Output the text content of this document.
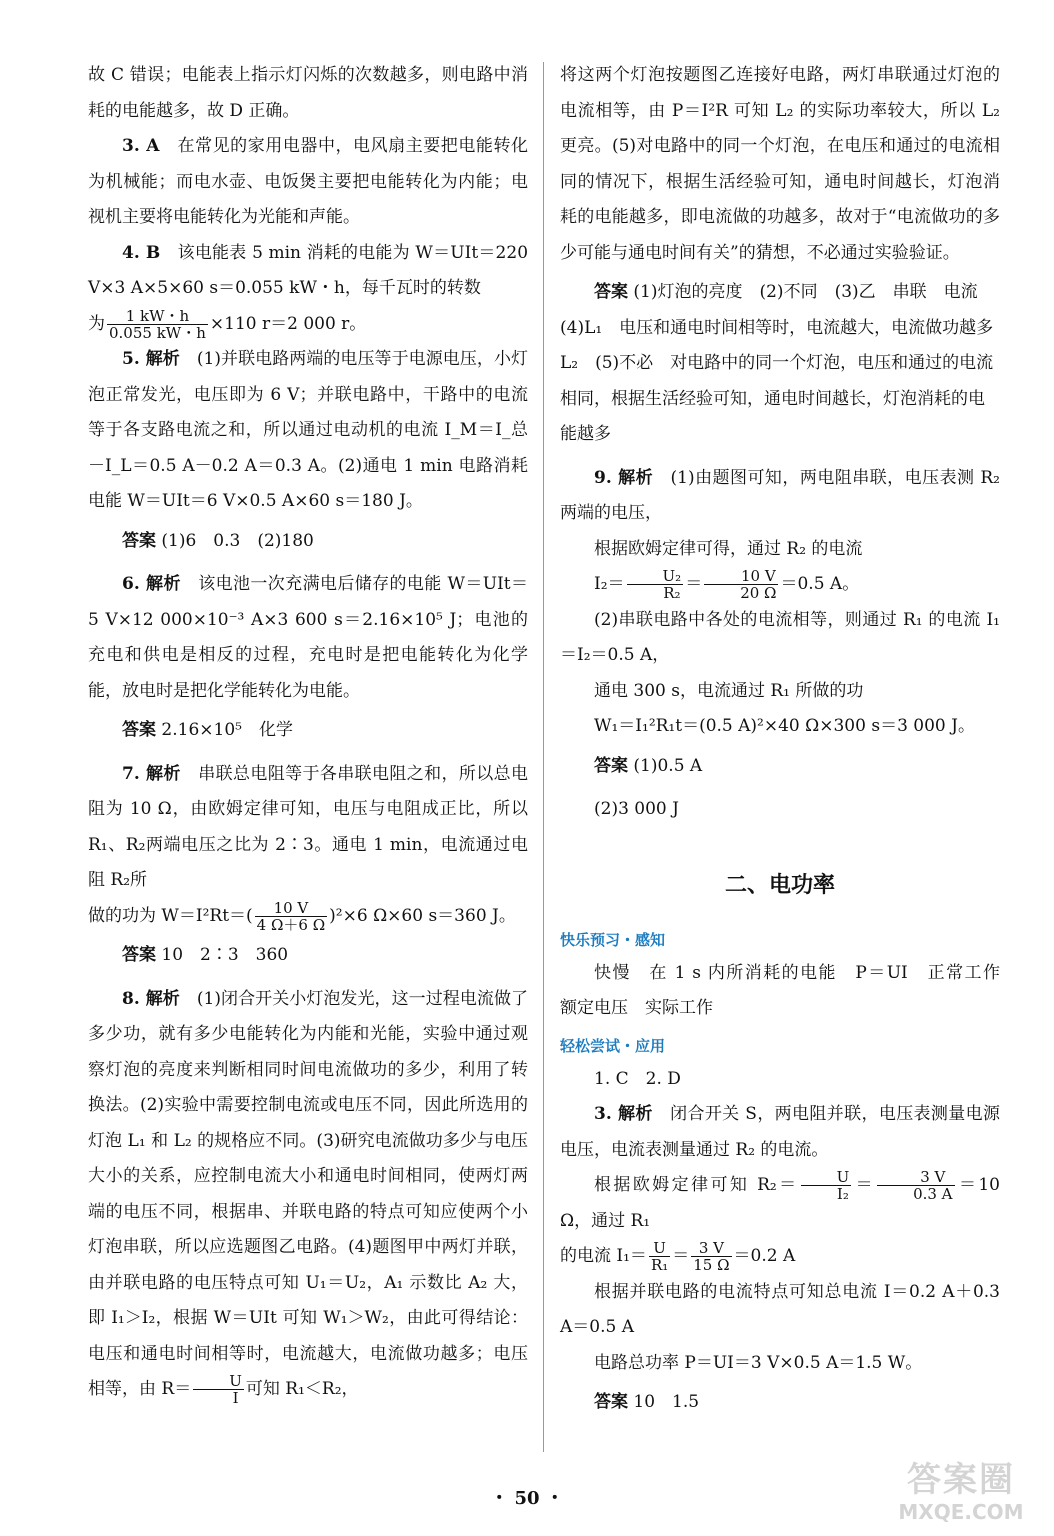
故 C 错误；电能表上指示灯闪烁的次数越多，则电路中消耗的电能越多，故 D 正确。

3. A　 在常见的家用电器中，电风扇主要把电能转化为机械能；而电水壶、电饭煲主要把电能转化为内能；电视机主要将电能转化为光能和声能。

4. B　 该电能表 5 min 消耗的电能为 W＝UIt＝220 V×3 A×5×60 s＝0.055 kW・h，每千瓦时的转数

为 $\frac{1 kW・h}{0.055 kW・h} \times 110$ r＝2 000 r。

5. 解析　 (1)并联电路两端的电压等于电源电压，小灯泡正常发光，电压即为 6 V；并联电路中，干路中的电流等于各支路电流之和，所以通过电动机的电流 I_M＝I_总－I_L＝0.5 A－0.2 A＝0.3 A。(2)通电 1 min 电路消耗电能 W＝UIt＝6 V×0.5 A×60 s＝180 J。

答案 (1)6　0.3　(2)180

6. 解析　 该电池一次充满电后储存的电能 W＝UIt＝5 V×12 000×10⁻³ A×3 600 s＝2.16×10⁵ J；电池的充电和供电是相反的过程，充电时是把电能转化为化学能，放电时是把化学能转化为电能。

答案 2.16×10⁵　化学

7. 解析　 串联总电阻等于各串联电阻之和，所以总电阻为 10 Ω，由欧姆定律可知，电压与电阻成正比，所以 R₁、R₂两端电压之比为 2∶3。通电 1 min，电流通过电阻 R₂所

做的功为 $W=I^2Rt=( \frac{10 V}{4 \Omega+6 \Omega} )^2\times 6$ Ω×60 s＝360 J。

答案 10　2∶3　360

8. 解析　 (1)闭合开关小灯泡发光，这一过程电流做了多少功，就有多少电能转化为内能和光能，实验中通过观察灯泡的亮度来判断相同时间电流做功的多少，利用了转换法。(2)实验中需要控制电流或电压不同，因此所选用的灯泡 L₁ 和 L₂ 的规格应不同。(3)研究电流做功多少与电压大小的关系，应控制电流大小和通电时间相同，使两灯两端的电压不同，根据串、并联电路的特点可知应使两个小灯泡串联，所以应选题图乙电路。(4)题图甲中两灯并联，由并联电路的电压特点可知 U₁＝U₂，A₁ 示数比 A₂ 大，即 I₁＞I₂，根据 W＝UIt 可知 W₁＞W₂，由此可得结论：电压和通电时间相等时，电流越大，电流做功越多；电压相等，由 $R= \frac{U}{I}$ 可知 R₁＜R₂，

将这两个灯泡按题图乙连接好电路，两灯串联通过灯泡的电流相等，由 P＝I²R 可知 L₂ 的实际功率较大，所以 L₂ 更亮。(5)对电路中的同一个灯泡，在电压和通过的电流相同的情况下，根据生活经验可知，通电时间越长，灯泡消耗的电能越多，即电流做的功越多，故对于“电流做功的多少可能与通电时间有关”的猜想，不必通过实验验证。

答案 (1)灯泡的亮度　(2)不同　(3)乙　串联　电流　(4)L₁　电压和通电时间相等时，电流越大，电流做功越多　L₂　(5)不必　对电路中的同一个灯泡，电压和通过的电流相同，根据生活经验可知，通电时间越长，灯泡消耗的电能越多

9. 解析　 (1)由题图可知，两电阻串联，电压表测 R₂ 两端的电压，

根据欧姆定律可得，通过 R₂ 的电流

$I_2= \frac{\text{U₂}}{\text{R₂}} = \frac{10 V}{20 \Omega} =0.5$ A。

(2)串联电路中各处的电流相等，则通过 R₁ 的电流 I₁＝I₂＝0.5 A，

通电 300 s，电流通过 R₁ 所做的功

W₁＝I₁²R₁t＝(0.5 A)²×40 Ω×300 s＝3 000 J。

答案 (1)0.5 A

(2)3 000 J

二、电功率
快乐预习・感知

快慢　在 1 s 内所消耗的电能　P＝UI　正常工作　额定电压　实际工作

轻松尝试・应用

1. C　2. D

3. 解析　 闭合开关 S，两电阻并联，电压表测量电源电压，电流表测量通过 R₂ 的电流。

根据欧姆定律可知 $R_2= \frac{U}{\text{I₂}} = \frac{3 V}{0.3 A} =10$ Ω，通过 R₁

的电流 $I_1= \frac{U}{\text{R₁}} = \frac{3 V}{15 \Omega} =0.2$ A

根据并联电路的电流特点可知总电流 I＝0.2 A＋0.3 A＝0.5 A

电路总功率 P＝UI＝3 V×0.5 A＝1.5 W。

答案 10　1.5

・ 50 ・	答案圈
MXQE.COM
